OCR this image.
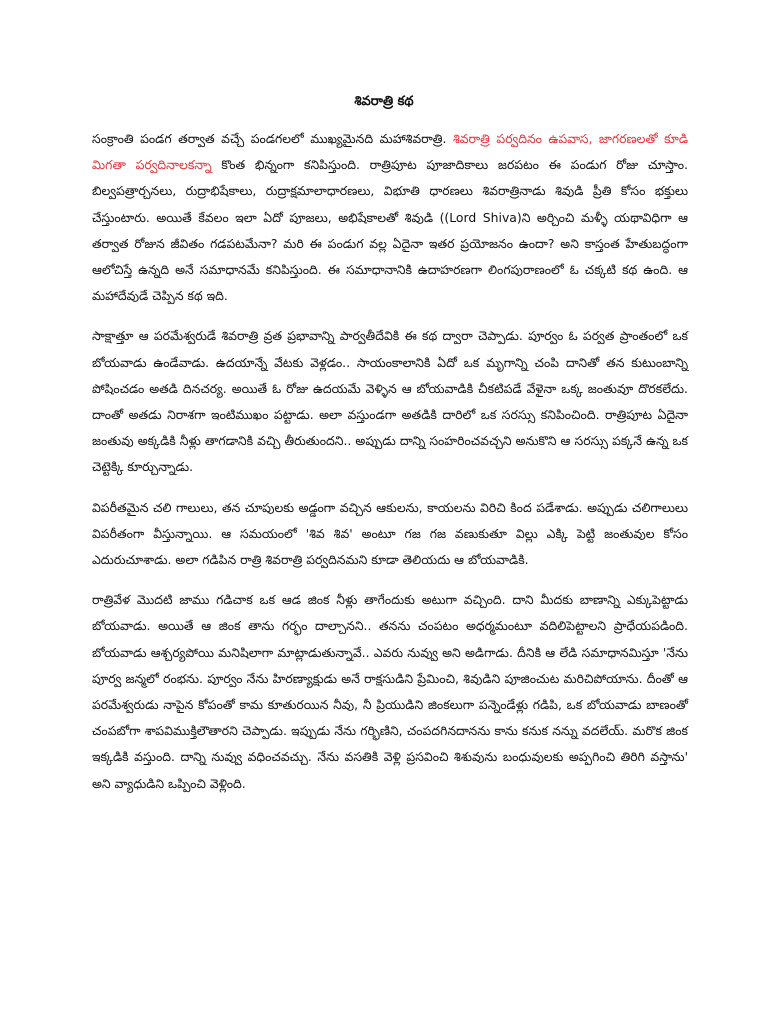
శివరాత్రి కథ

సంక్రాంతి పండగ తర్వాత వచ్చే పండగలలో ముఖ్యమైనది మహాశివరాత్రి. శివరాత్రి పర్వదినం ఉపవాస, జాగరణలతో కూడి మిగతా పర్వదినాలకన్నా కొంత భిన్నంగా కనిపిస్తుంది. రాత్రిపూట పూజాదికాలు జరపటం ఈ పండుగ రోజు చూస్తాం. బిల్వపత్రార్చనలు, రుద్రాభిషేకాలు, రుద్రాక్షమాలాధారణలు, విభూతి ధారణలు శివరాత్రినాడు శివుడి ప్రీతి కోసం భక్తులు చేస్తుంటారు. అయితే కేవలం ఇలా ఏదో పూజలు, అభిషేకాలతో శివుడి ((Lord Shiva)ని అర్చించి మళ్ళీ యథావిధిగా ఆ తర్వాత రోజున జీవితం గడపటమేనా? మరి ఈ పండుగ వల్ల ఏదైనా ఇతర ప్రయోజనం ఉందా? అని కాస్తంత హేతుబద్ధంగా ఆలోచిస్తే ఉన్నది అనే సమాధానమే కనిపిస్తుంది. ఈ సమాధానానికి ఉదాహరణగా లింగపురాణంలో ఓ చక్కటి కథ ఉంది. ఆ మహాదేవుడే చెప్పిన కథ ఇది.

సాక్షాత్తూ ఆ పరమేశ్వరుడే శివరాత్రి వ్రత ప్రభావాన్ని పార్వతీదేవికి ఈ కథ ద్వారా చెప్పాడు. పూర్వం ఓ పర్వత ప్రాంతంలో ఒక బోయవాడు ఉండేవాడు. ఉదయాన్నే వేటకు వెళ్లడం.. సాయంకాలానికి ఏదో ఒక మృగాన్ని చంపి దానితో తన కుటుంబాన్ని పోషించడం అతడి దినచర్య. అయితే ఓ రోజు ఉదయమే వెళ్ళిన ఆ బోయవాడికి చీకటిపడే వేళైనా ఒక్క జంతువూ దొరకలేదు. దాంతో అతడు నిరాశగా ఇంటిముఖం పట్టాడు. అలా వస్తుండగా అతడికి దారిలో ఒక సరస్సు కనిపించింది. రాత్రిపూట ఏదైనా జంతువు అక్కడికి నీళ్లు తాగడానికి వచ్చి తీరుతుందని.. అప్పుడు దాన్ని సంహరించవచ్చని అనుకొని ఆ సరస్సు పక్కనే ఉన్న ఒక చెట్టెక్కి కూర్చున్నాడు.

విపరీతమైన చలి గాలులు, తన చూపులకు అడ్డంగా వచ్చిన ఆకులను, కాయలను విరిచి కింద పడేశాడు. అప్పుడు చలిగాలులు విపరీతంగా వీస్తున్నాయి. ఆ సమయంలో 'శివ శివ' అంటూ గజ గజ వణుకుతూ విల్లు ఎక్కి పెట్టి జంతువుల కోసం ఎదురుచూశాడు. అలా గడిపిన రాత్రి శివరాత్రి పర్వదినమని కూడా తెలియదు ఆ బోయవాడికి.

రాత్రివేళ మొదటి జాము గడిచాక ఒక ఆడ జింక నీళ్లు తాగేందుకు అటుగా వచ్చింది. దాని మీదకు బాణాన్ని ఎక్కుపెట్టాడు బోయవాడు. అయితే ఆ జింక తాను గర్భం దాల్చానని.. తనను చంపటం అధర్మమంటూ వదిలిపెట్టాలని ప్రాధేయపడింది. బోయవాడు ఆశ్చర్యపోయి మనిషిలాగా మాట్లాడుతున్నావే.. ఎవరు నువ్వు అని అడిగాడు. దీనికి ఆ లేడి సమాధానమిస్తూ 'నేను పూర్వ జన్మలో రంభను. పూర్వం నేను హిరణ్యాక్షుడు అనే రాక్షసుడిని ప్రేమించి, శివుడిని పూజించుట మరిచిపోయాను. దీంతో ఆ పరమేశ్వరుడు నాపైన కోపంతో కామ కూతురయిన నీవు, నీ ప్రియుడిని జింకలుగా పన్నెండేళ్లు గడిపి, ఒక బోయవాడు బాణంతో చంపబోగా శాపవిముక్తిలౌతారని చెప్పాడు. ఇప్పుడు నేను గర్భిణిని, చంపదగినదానను కాను కనుక నన్ను వదలేయ్. మరొక జింక ఇక్కడికి వస్తుంది. దాన్ని నువ్వు వధించవచ్చు. నేను వసతికి వెళ్లి ప్రసవించి శిశువును బంధువులకు అప్పగించి తిరిగి వస్తాను' అని వ్యాధుడిని ఒప్పించి వెళ్లింది.
